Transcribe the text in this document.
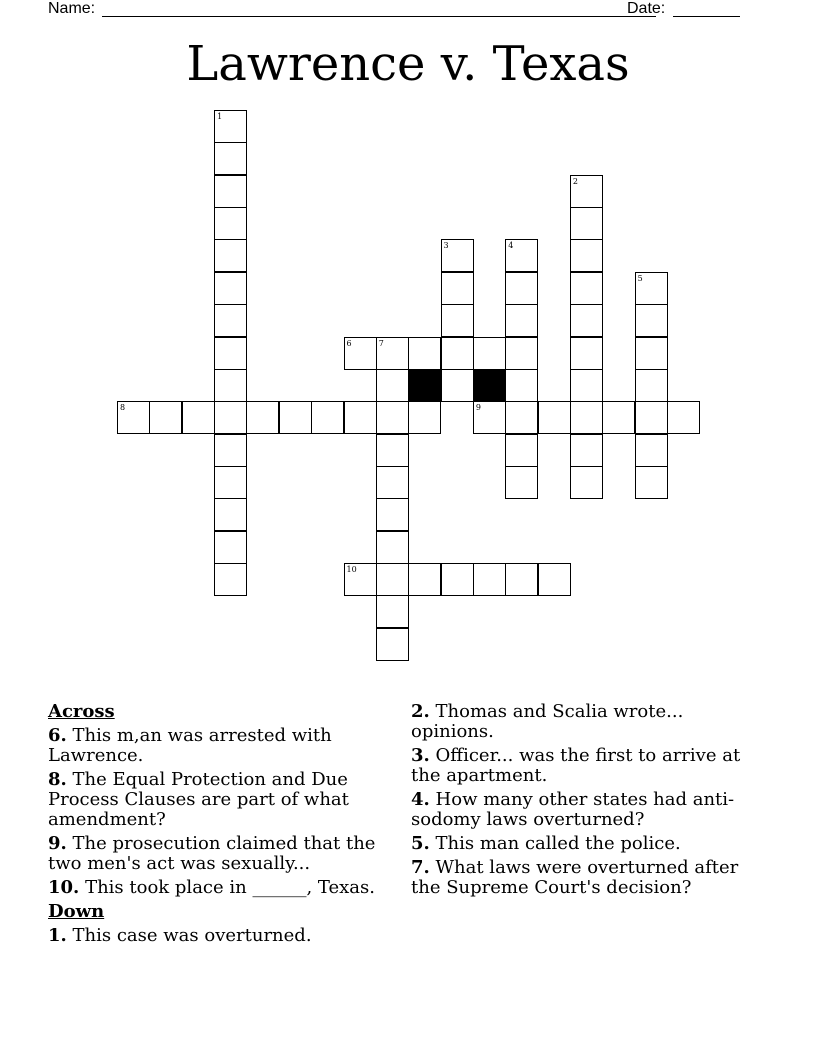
Name:	Date:
Lawrence v. Texas
1
2
3	4
5
6	7
8	9
10
Across
6. This m,an was arrested with Lawrence.
8. The Equal Protection and Due Process Clauses are part of what amendment?
9. The prosecution claimed that the two men's act was sexually...
10. This took place in ______, Texas.
Down
1. This case was overturned.
2. Thomas and Scalia wrote... opinions.
3. Officer... was the first to arrive at the apartment.
4. How many other states had anti-sodomy laws overturned?
5. This man called the police.
7. What laws were overturned after the Supreme Court's decision?
